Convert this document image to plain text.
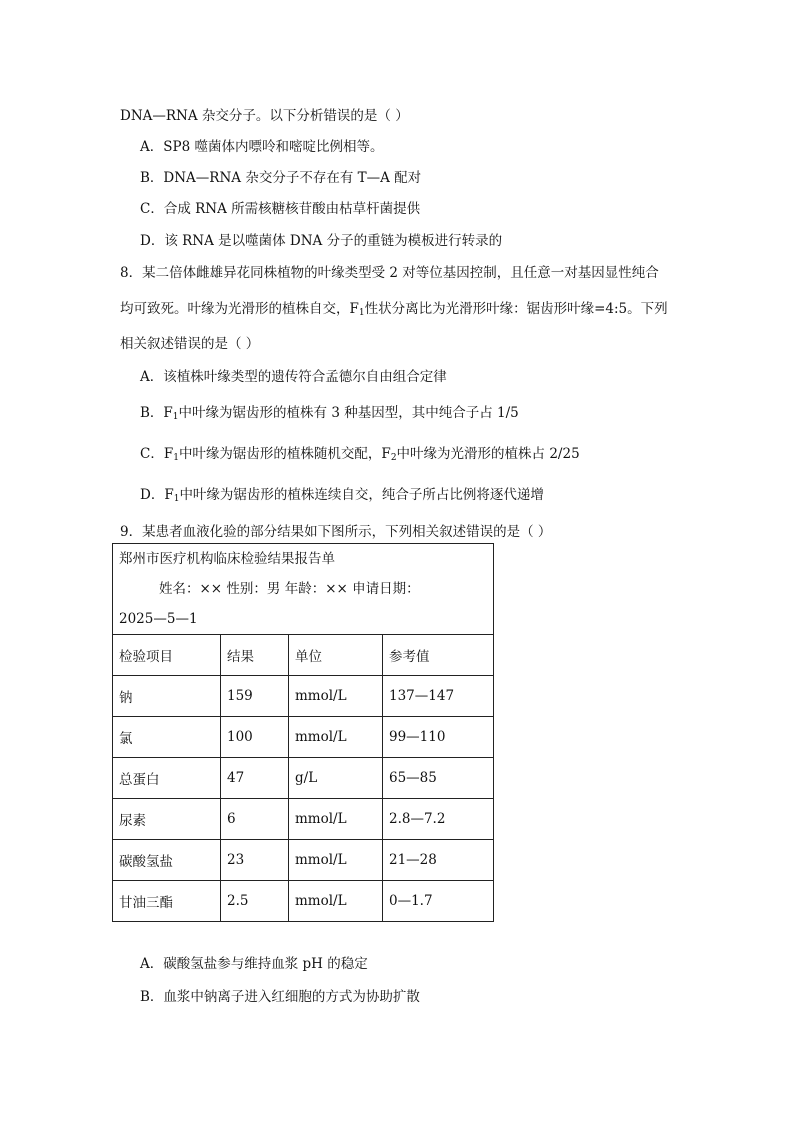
DNA—RNA 杂交分子。以下分析错误的是（ ）
A．SP8 噬菌体内嘌呤和嘧啶比例相等。
B．DNA—RNA 杂交分子不存在有 T—A 配对
C．合成 RNA 所需核糖核苷酸由枯草杆菌提供
D．该 RNA 是以噬菌体 DNA 分子的重链为模板进行转录的
8．某二倍体雌雄异花同株植物的叶缘类型受 2 对等位基因控制，且任意一对基因显性纯合
均可致死。叶缘为光滑形的植株自交，$F_1$性状分离比为光滑形叶缘：锯齿形叶缘=4:5。下列
相关叙述错误的是（ ）
A．该植株叶缘类型的遗传符合孟德尔自由组合定律
B．$F_1$中叶缘为锯齿形的植株有 3 种基因型，其中纯合子占 1/5
C．$F_1$中叶缘为锯齿形的植株随机交配，$F_2$中叶缘为光滑形的植株占 2/25
D．$F_1$中叶缘为锯齿形的植株连续自交，纯合子所占比例将逐代递增
9．某患者血液化验的部分结果如下图所示，下列相关叙述错误的是（ ）
郑州市医疗机构临床检验结果报告单
姓名：×× 性别：男 年龄：×× 申请日期：
2025—5—1			

检验项目	结果	单位	参考值
钠	159	mmol/L	137—147
氯	100	mmol/L	99—110
总蛋白	47	g/L	65—85
尿素	6	mmol/L	2.8—7.2
碳酸氢盐	23	mmol/L	21—28
甘油三酯	2.5	mmol/L	0—1.7
A．碳酸氢盐参与维持血浆 pH 的稳定
B．血浆中钠离子进入红细胞的方式为协助扩散
